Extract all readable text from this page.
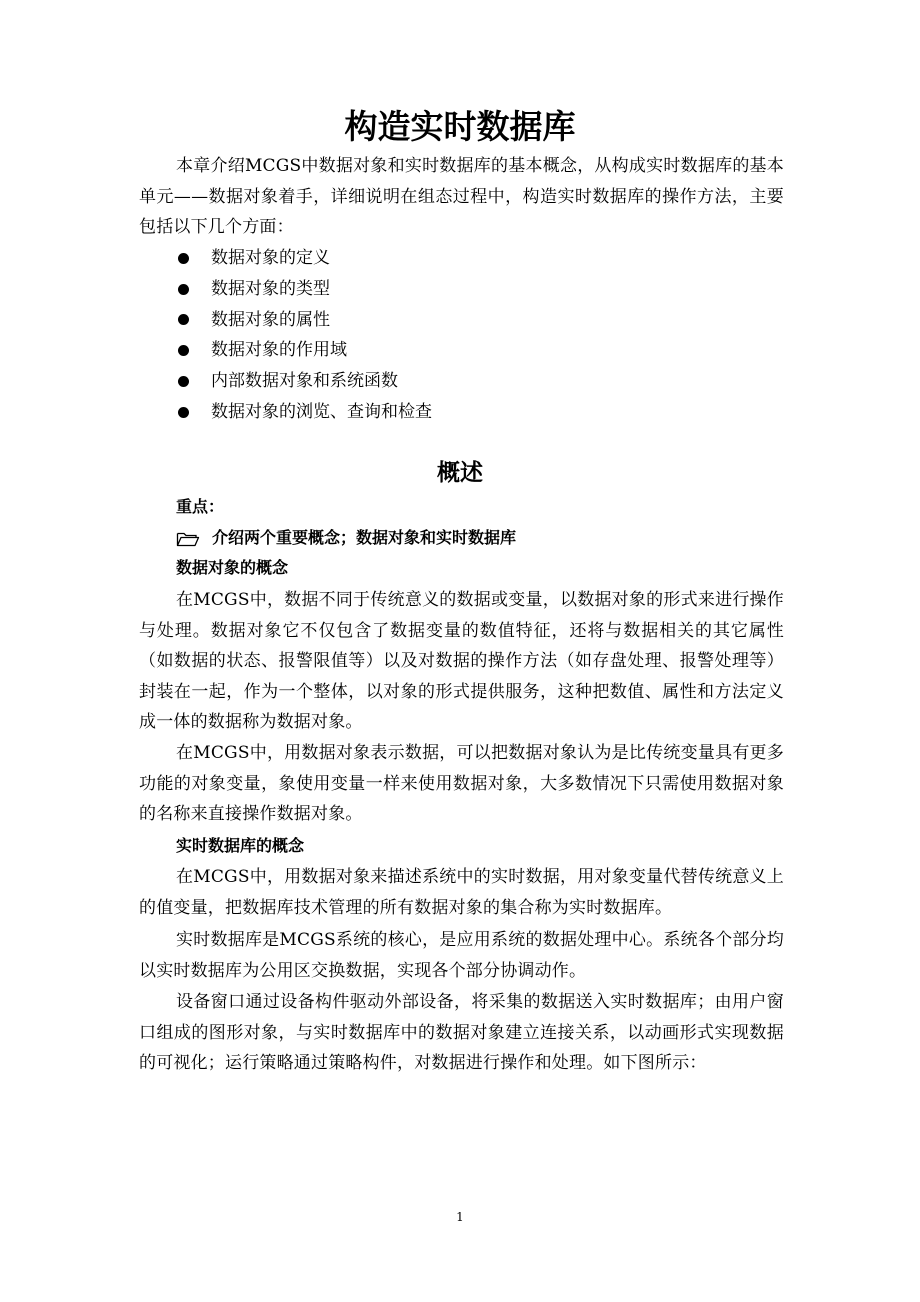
构造实时数据库

本章介绍MCGS中数据对象和实时数据库的基本概念，从构成实时数据库的基本单元——数据对象着手，详细说明在组态过程中，构造实时数据库的操作方法，主要包括以下几个方面：

数据对象的定义
数据对象的类型
数据对象的属性
数据对象的作用域
内部数据对象和系统函数
数据对象的浏览、查询和检查
概述

重点：

介绍两个重要概念；数据对象和实时数据库

数据对象的概念

在MCGS中，数据不同于传统意义的数据或变量，以数据对象的形式来进行操作与处理。数据对象它不仅包含了数据变量的数值特征，还将与数据相关的其它属性（如数据的状态、报警限值等）以及对数据的操作方法（如存盘处理、报警处理等）封装在一起，作为一个整体，以对象的形式提供服务，这种把数值、属性和方法定义成一体的数据称为数据对象。

在MCGS中，用数据对象表示数据，可以把数据对象认为是比传统变量具有更多功能的对象变量，象使用变量一样来使用数据对象，大多数情况下只需使用数据对象的名称来直接操作数据对象。

实时数据库的概念

在MCGS中，用数据对象来描述系统中的实时数据，用对象变量代替传统意义上的值变量，把数据库技术管理的所有数据对象的集合称为实时数据库。

实时数据库是MCGS系统的核心，是应用系统的数据处理中心。系统各个部分均以实时数据库为公用区交换数据，实现各个部分协调动作。

设备窗口通过设备构件驱动外部设备，将采集的数据送入实时数据库；由用户窗口组成的图形对象，与实时数据库中的数据对象建立连接关系，以动画形式实现数据的可视化；运行策略通过策略构件，对数据进行操作和处理。如下图所示：

1
